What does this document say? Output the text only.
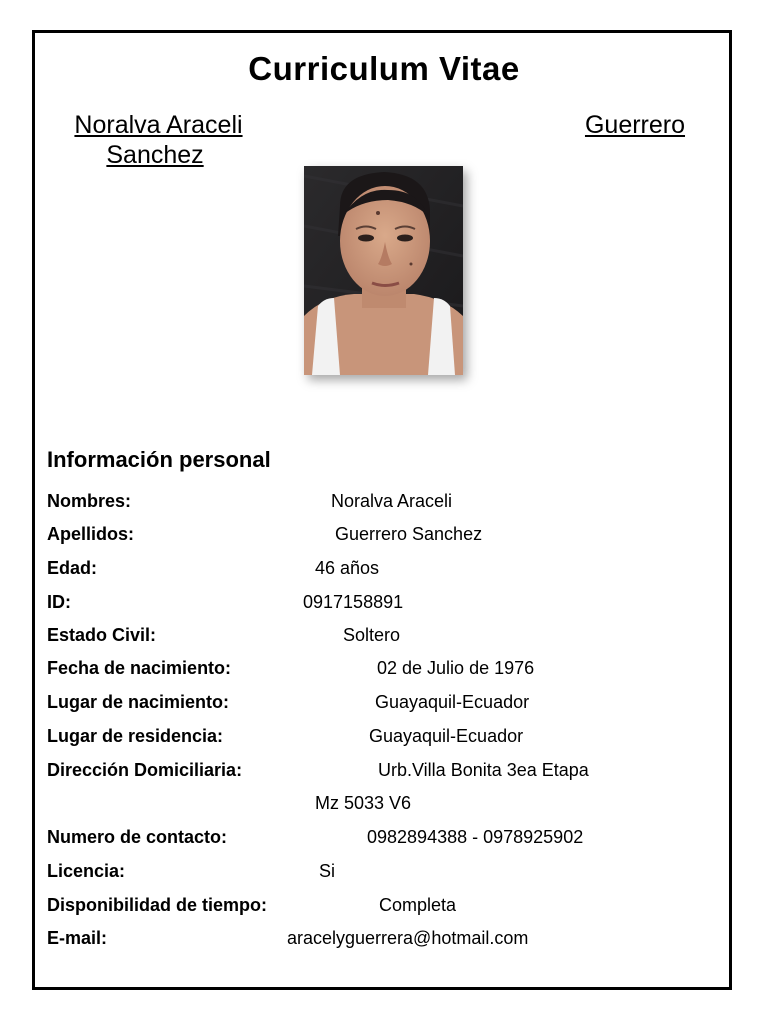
Curriculum Vitae
Noralva Araceli
Sanchez
Guerrero
Información personal
Nombres:	Noralva Araceli
Apellidos:	Guerrero Sanchez
Edad:	46 años
ID:	0917158891
Estado Civil:	Soltero
Fecha de nacimiento:	02 de Julio de 1976
Lugar de nacimiento:	Guayaquil-Ecuador
Lugar de residencia:	Guayaquil-Ecuador
Dirección Domiciliaria:	Urb.Villa Bonita 3ea Etapa
Mz 5033 V6
Numero de contacto:	0982894388 - 0978925902
Licencia:	Si
Disponibilidad de tiempo:	Completa
E-mail:	aracelyguerrera@hotmail.com
